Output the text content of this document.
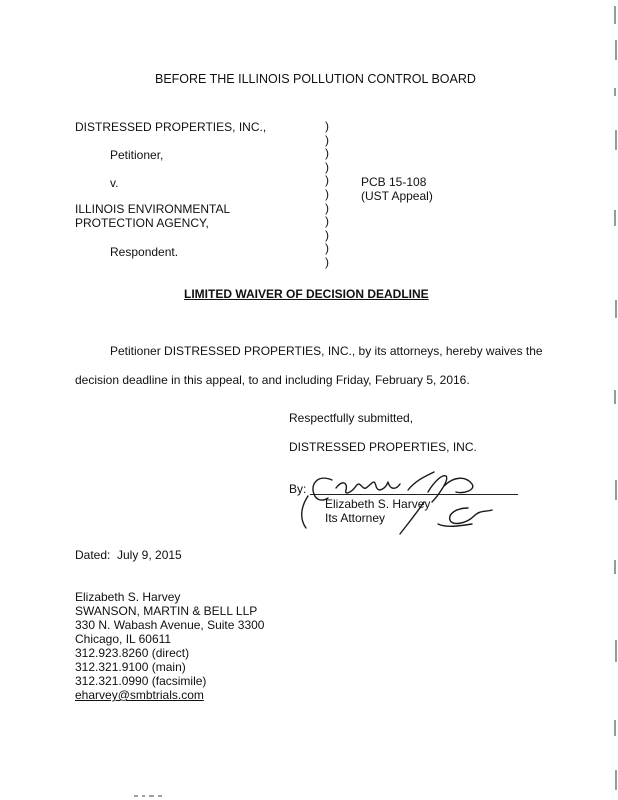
BEFORE THE ILLINOIS POLLUTION CONTROL BOARD
DISTRESSED PROPERTIES, INC.,
Petitioner,
v.
ILLINOIS ENVIRONMENTAL
PROTECTION AGENCY,
Respondent.
)
)
)
)
)
)
)
)
)
)
)
PCB 15-108
(UST Appeal)
LIMITED WAIVER OF DECISION DEADLINE
Petitioner DISTRESSED PROPERTIES, INC., by its attorneys, hereby waives the
decision deadline in this appeal, to and including Friday, February 5, 2016.
Respectfully submitted,
DISTRESSED PROPERTIES, INC.
By:
Elizabeth S. Harvey
Its Attorney
Dated: July 9, 2015
Elizabeth S. Harvey
SWANSON, MARTIN & BELL LLP
330 N. Wabash Avenue, Suite 3300
Chicago, IL 60611
312.923.8260 (direct)
312.321.9100 (main)
312.321.0990 (facsimile)
eharvey@smbtrials.com
